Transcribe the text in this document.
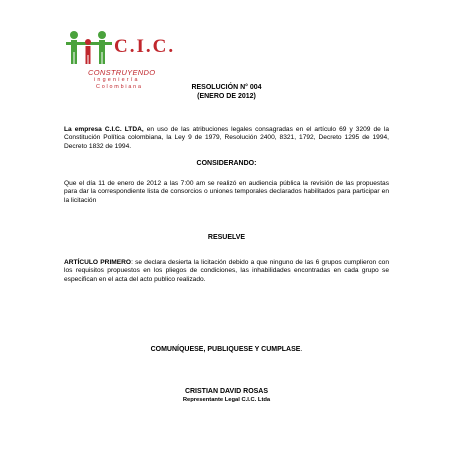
C.I.C.
CONSTRUYENDO
ingeniería
Colombiana	RESOLUCIÓN N° 004
(ENERO DE 2012)
La empresa C.I.C. LTDA, en uso de las atribuciones legales consagradas en el artículo 69 y 3209 de la Constitución Política colombiana, la Ley 9 de 1979, Resolución 2400, 8321, 1792, Decreto 1295 de 1994, Decreto 1832 de 1994.
CONSIDERANDO:
Que el día 11 de enero de 2012 a las 7:00 am se realizó en audiencia pública la revisión de las propuestas para dar la correspondiente lista de consorcios o uniones temporales declarados habilitados para participar en la licitación
RESUELVE
ARTÍCULO PRIMERO: se declara desierta la licitación debido a que ninguno de las 6 grupos cumplieron con los requisitos propuestos en los pliegos de condiciones, las inhabilidades encontradas en cada grupo se especifican en el acta del acto publico realizado.
COMUNÍQUESE, PUBLIQUESE Y CUMPLASE.
CRISTIAN DAVID ROSAS
Representante Legal C.I.C. Ltda
